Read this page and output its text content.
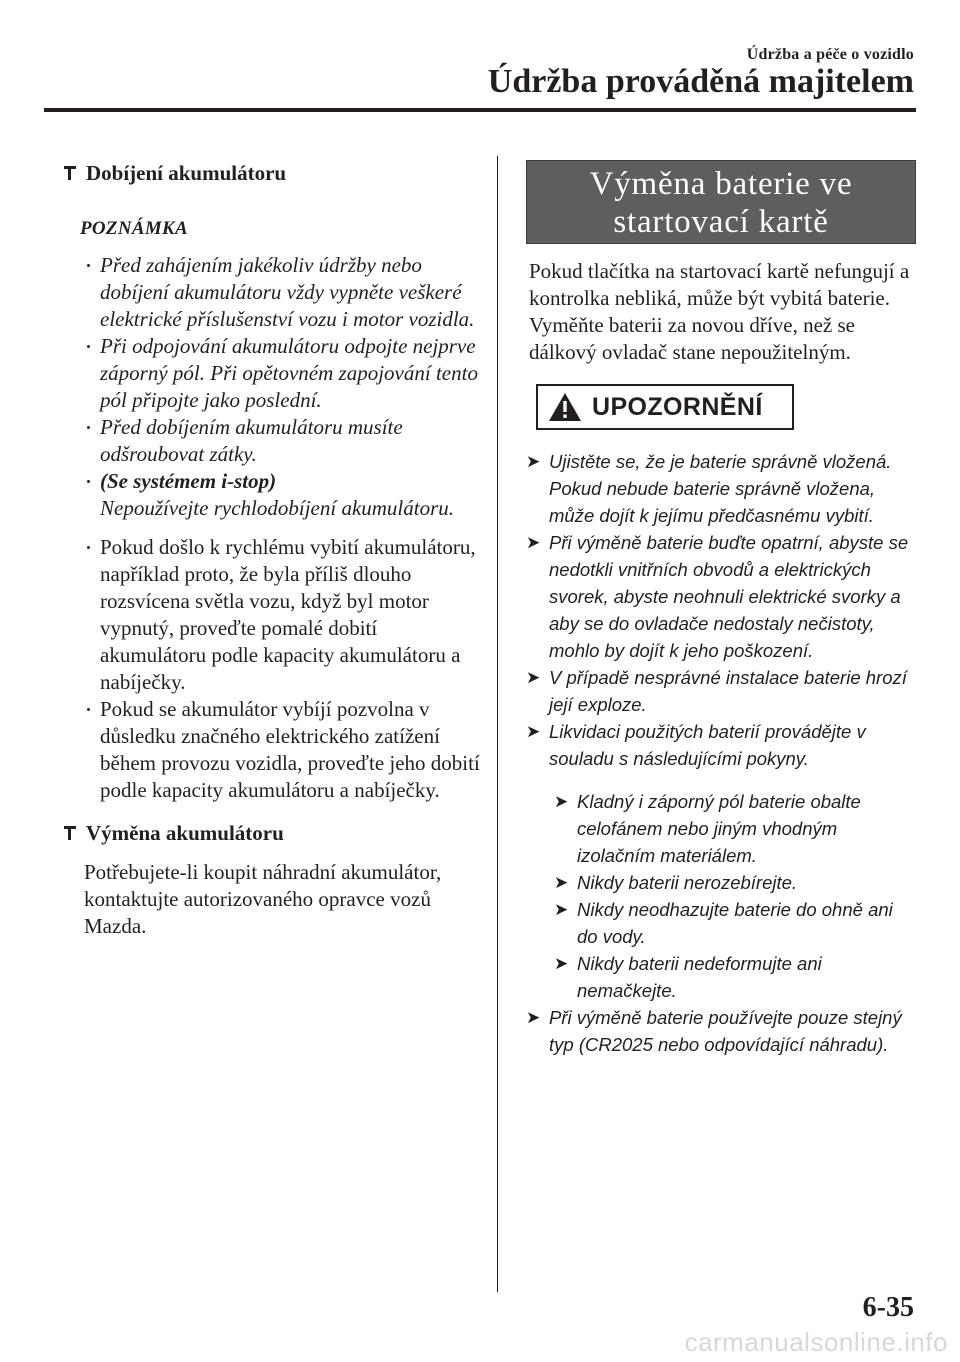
Údržba a péče o vozidlo
Údržba prováděná majitelem
Dobíjení akumulátoru
POZNÁMKA
Před zahájením jakékoliv údržby nebo dobíjení akumulátoru vždy vypněte veškeré elektrické příslušenství vozu i motor vozidla.
Při odpojování akumulátoru odpojte nejprve záporný pól. Při opětovném zapojování tento pól připojte jako poslední.
Před dobíjením akumulátoru musíte odšroubovat zátky.
(Se systémem i-stop)
Nepoužívejte rychlodobíjení akumulátoru.
Pokud došlo k rychlému vybití akumulátoru, například proto, že byla příliš dlouho rozsvícena světla vozu, když byl motor vypnutý, proveďte pomalé dobití akumulátoru podle kapacity akumulátoru a nabíječky.
Pokud se akumulátor vybíjí pozvolna v důsledku značného elektrického zatížení během provozu vozidla, proveďte jeho dobití podle kapacity akumulátoru a nabíječky.
Výměna akumulátoru

Potřebujete-li koupit náhradní akumulátor, kontaktujte autorizovaného opravce vozů Mazda.

Výměna baterie ve
startovací kartě

Pokud tlačítka na startovací kartě nefungují a kontrolka nebliká, může být vybitá baterie.
Vyměňte baterii za novou dříve, než se dálkový ovladač stane nepoužitelným.

UPOZORNĚNÍ
➤ Ujistěte se, že je baterie správně vložená. Pokud nebude baterie správně vložena, může dojít k jejímu předčasnému vybití.
➤ Při výměně baterie buďte opatrní, abyste se nedotkli vnitřních obvodů a elektrických svorek, abyste neohnuli elektrické svorky a aby se do ovladače nedostaly nečistoty, mohlo by dojít k jeho poškození.
➤ V případě nesprávné instalace baterie hrozí její exploze.
➤ Likvidaci použitých baterií provádějte v souladu s následujícími pokyny.
➤ Kladný i záporný pól baterie obalte celofánem nebo jiným vhodným izolačním materiálem.
➤ Nikdy baterii nerozebírejte.
➤ Nikdy neodhazujte baterie do ohně ani do vody.
➤ Nikdy baterii nedeformujte ani nemačkejte.
➤ Při výměně baterie používejte pouze stejný typ (CR2025 nebo odpovídající náhradu).
6-35
carmanualsonline.info
